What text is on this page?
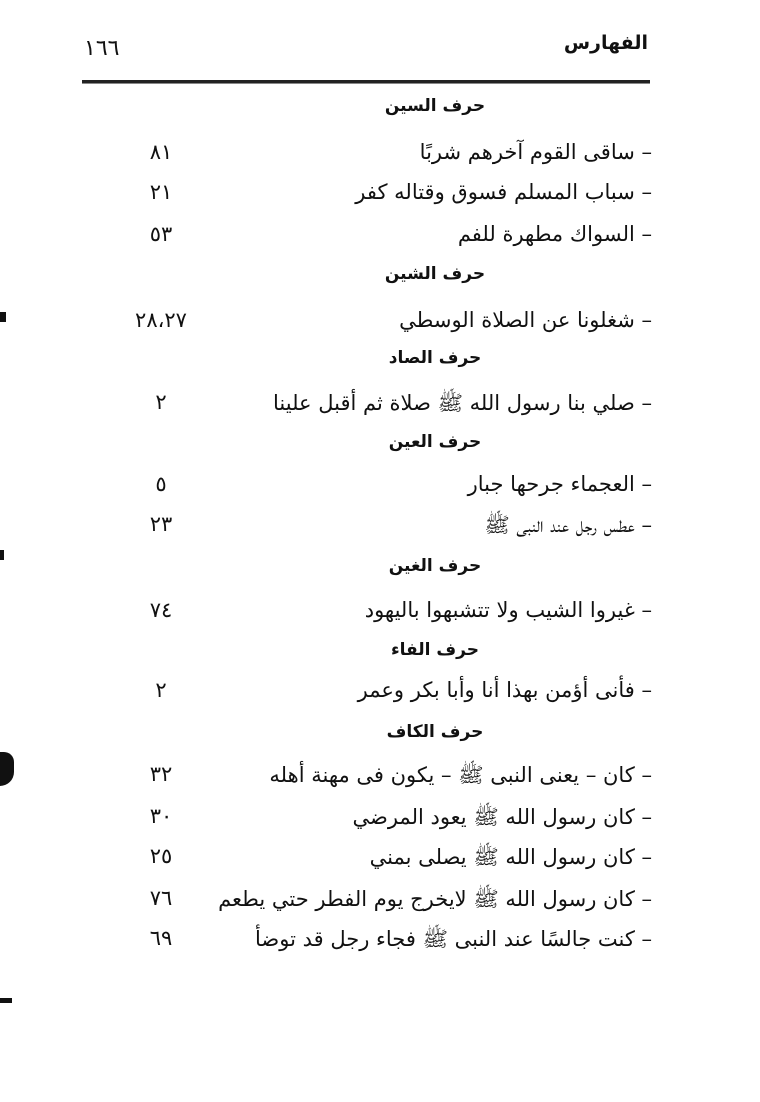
الفهارس
١٦٦
حرف السين
– ساقى القوم آخرهم شربًا
٨١
– سباب المسلم فسوق وقتاله كفر
٢١
– السواك مطهرة للفم
٥٣
حرف الشين
– شغلونا عن الصلاة الوسطي
٢٨،٢٧
حرف الصاد
– صلي بنا رسول الله ﷺ صلاة ثم أقبل علينا
٢
حرف العين
– العجماء جرحها جبار
٥
– عطس رجل عند النبى ﷺ
٢٣
حرف الغين
– غيروا الشيب ولا تتشبهوا باليهود
٧٤
حرف الفاء
– فأنى أؤمن بهذا أنا وأبا بكر وعمر
٢
حرف الكاف
– كان – يعنى النبى ﷺ – يكون فى مهنة أهله
٣٢
– كان رسول الله ﷺ يعود المرضي
٣٠
– كان رسول الله ﷺ يصلى بمني
٢٥
– كان رسول الله ﷺ لايخرج يوم الفطر حتي يطعم
٧٦
– كنت جالسًا عند النبى ﷺ فجاء رجل قد توضأ
٦٩
